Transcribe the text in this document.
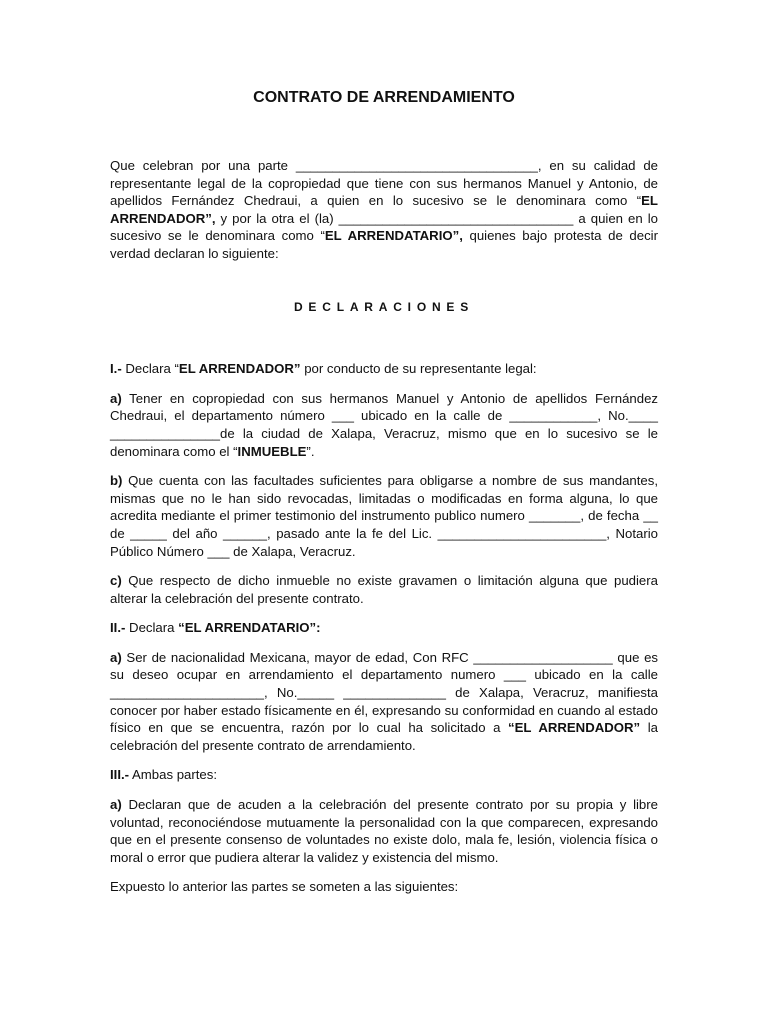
CONTRATO DE ARRENDAMIENTO

Que celebran por una parte _________________________________, en su calidad de representante legal de la copropiedad que tiene con sus hermanos Manuel y Antonio, de apellidos Fernández Chedraui, a quien en lo sucesivo se le denominara como “EL ARRENDADOR”, y por la otra el (la) ________________________________ a quien en lo sucesivo se le denominara como “EL ARRENDATARIO”, quienes bajo protesta de decir verdad declaran lo siguiente:

DECLARACIONES

I.- Declara “EL ARRENDADOR” por conducto de su representante legal:

a) Tener en copropiedad con sus hermanos Manuel y Antonio de apellidos Fernández Chedraui, el departamento número ___ ubicado en la calle de ____________, No.____ _______________de la ciudad de Xalapa, Veracruz, mismo que en lo sucesivo se le denominara como el “INMUEBLE”.

b) Que cuenta con las facultades suficientes para obligarse a nombre de sus mandantes, mismas que no le han sido revocadas, limitadas o modificadas en forma alguna, lo que acredita mediante el primer testimonio del instrumento publico numero _______, de fecha __ de _____ del año ______, pasado ante la fe del Lic. _______________________, Notario Público Número ___ de Xalapa, Veracruz.

c) Que respecto de dicho inmueble no existe gravamen o limitación alguna que pudiera alterar la celebración del presente contrato.

II.- Declara “EL ARRENDATARIO”:

a) Ser de nacionalidad Mexicana, mayor de edad, Con RFC ___________________ que es su deseo ocupar en arrendamiento el departamento numero ___ ubicado en la calle _____________________, No._____ ______________ de Xalapa, Veracruz, manifiesta conocer por haber estado físicamente en él, expresando su conformidad en cuando al estado físico en que se encuentra, razón por lo cual ha solicitado a “EL ARRENDADOR” la celebración del presente contrato de arrendamiento.

III.- Ambas partes:

a) Declaran que de acuden a la celebración del presente contrato por su propia y libre voluntad, reconociéndose mutuamente la personalidad con la que comparecen, expresando que en el presente consenso de voluntades no existe dolo, mala fe, lesión, violencia física o moral o error que pudiera alterar la validez y existencia del mismo.

Expuesto lo anterior las partes se someten a las siguientes:
